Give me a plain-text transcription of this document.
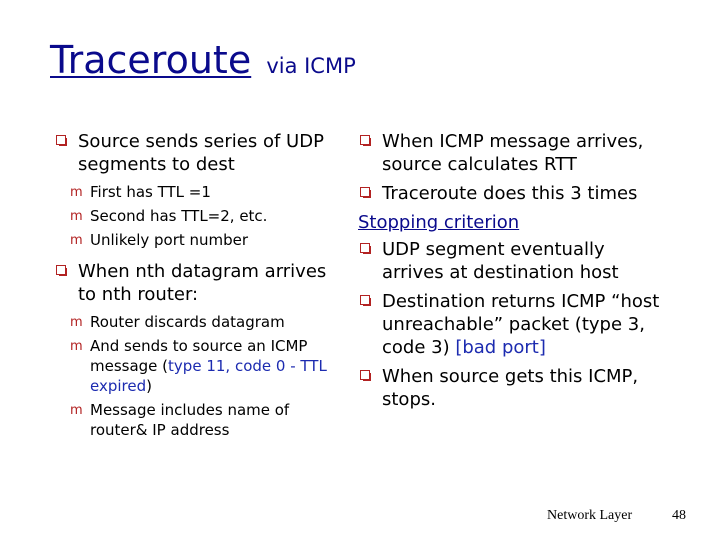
Traceroute via ICMP
Source sends series of UDP segments to dest
m First has TTL =1
m Second has TTL=2, etc.
m Unlikely port number
When nth datagram arrives to nth router:
m Router discards datagram
m And sends to source an ICMP message (type 11, code 0 - TTL expired)
m Message includes name of router& IP address
When ICMP message arrives, source calculates RTT
Traceroute does this 3 times
Stopping criterion
UDP segment eventually arrives at destination host
Destination returns ICMP “host unreachable” packet (type 3, code 3) [bad port]
When source gets this ICMP, stops.
Network Layer	48
